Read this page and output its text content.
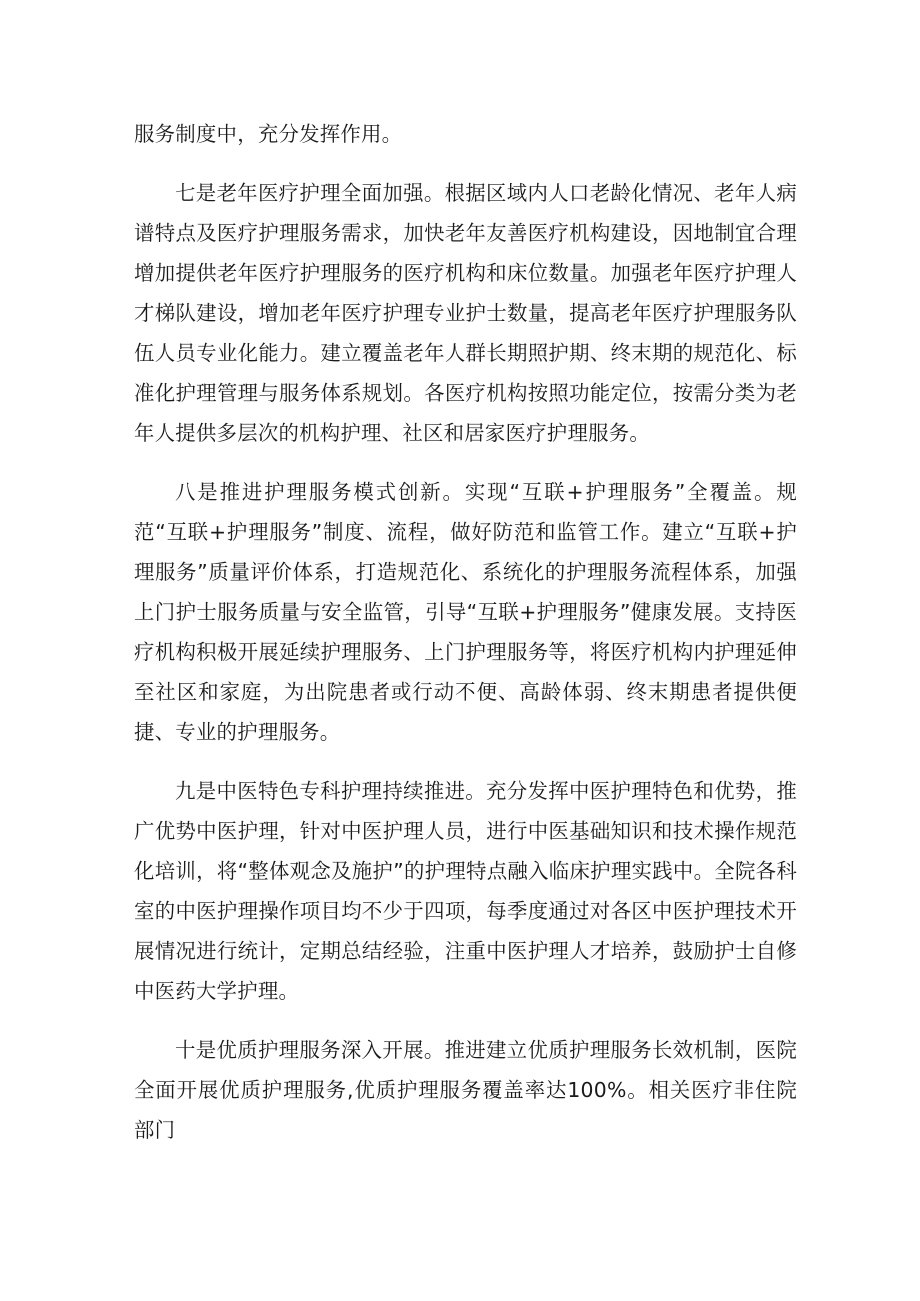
服务制度中，充分发挥作用。

七是老年医疗护理全面加强。根据区域内人口老龄化情况、老年人病谱特点及医疗护理服务需求，加快老年友善医疗机构建设，因地制宜合理增加提供老年医疗护理服务的医疗机构和床位数量。加强老年医疗护理人才梯队建设，增加老年医疗护理专业护士数量，提高老年医疗护理服务队伍人员专业化能力。建立覆盖老年人群长期照护期、终末期的规范化、标准化护理管理与服务体系规划。各医疗机构按照功能定位，按需分类为老年人提供多层次的机构护理、社区和居家医疗护理服务。

八是推进护理服务模式创新。实现“互联+护理服务”全覆盖。规范“互联+护理服务”制度、流程，做好防范和监管工作。建立“互联+护理服务”质量评价体系，打造规范化、系统化的护理服务流程体系，加强上门护士服务质量与安全监管，引导“互联+护理服务”健康发展。支持医疗机构积极开展延续护理服务、上门护理服务等，将医疗机构内护理延伸至社区和家庭，为出院患者或行动不便、高龄体弱、终末期患者提供便捷、专业的护理服务。

九是中医特色专科护理持续推进。充分发挥中医护理特色和优势，推广优势中医护理，针对中医护理人员，进行中医基础知识和技术操作规范化培训，将“整体观念及施护”的护理特点融入临床护理实践中。全院各科室的中医护理操作项目均不少于四项，每季度通过对各区中医护理技术开展情况进行统计，定期总结经验，注重中医护理人才培养，鼓励护士自修中医药大学护理。

十是优质护理服务深入开展。推进建立优质护理服务长效机制，医院全面开展优质护理服务,优质护理服务覆盖率达100%。相关医疗非住院部门
